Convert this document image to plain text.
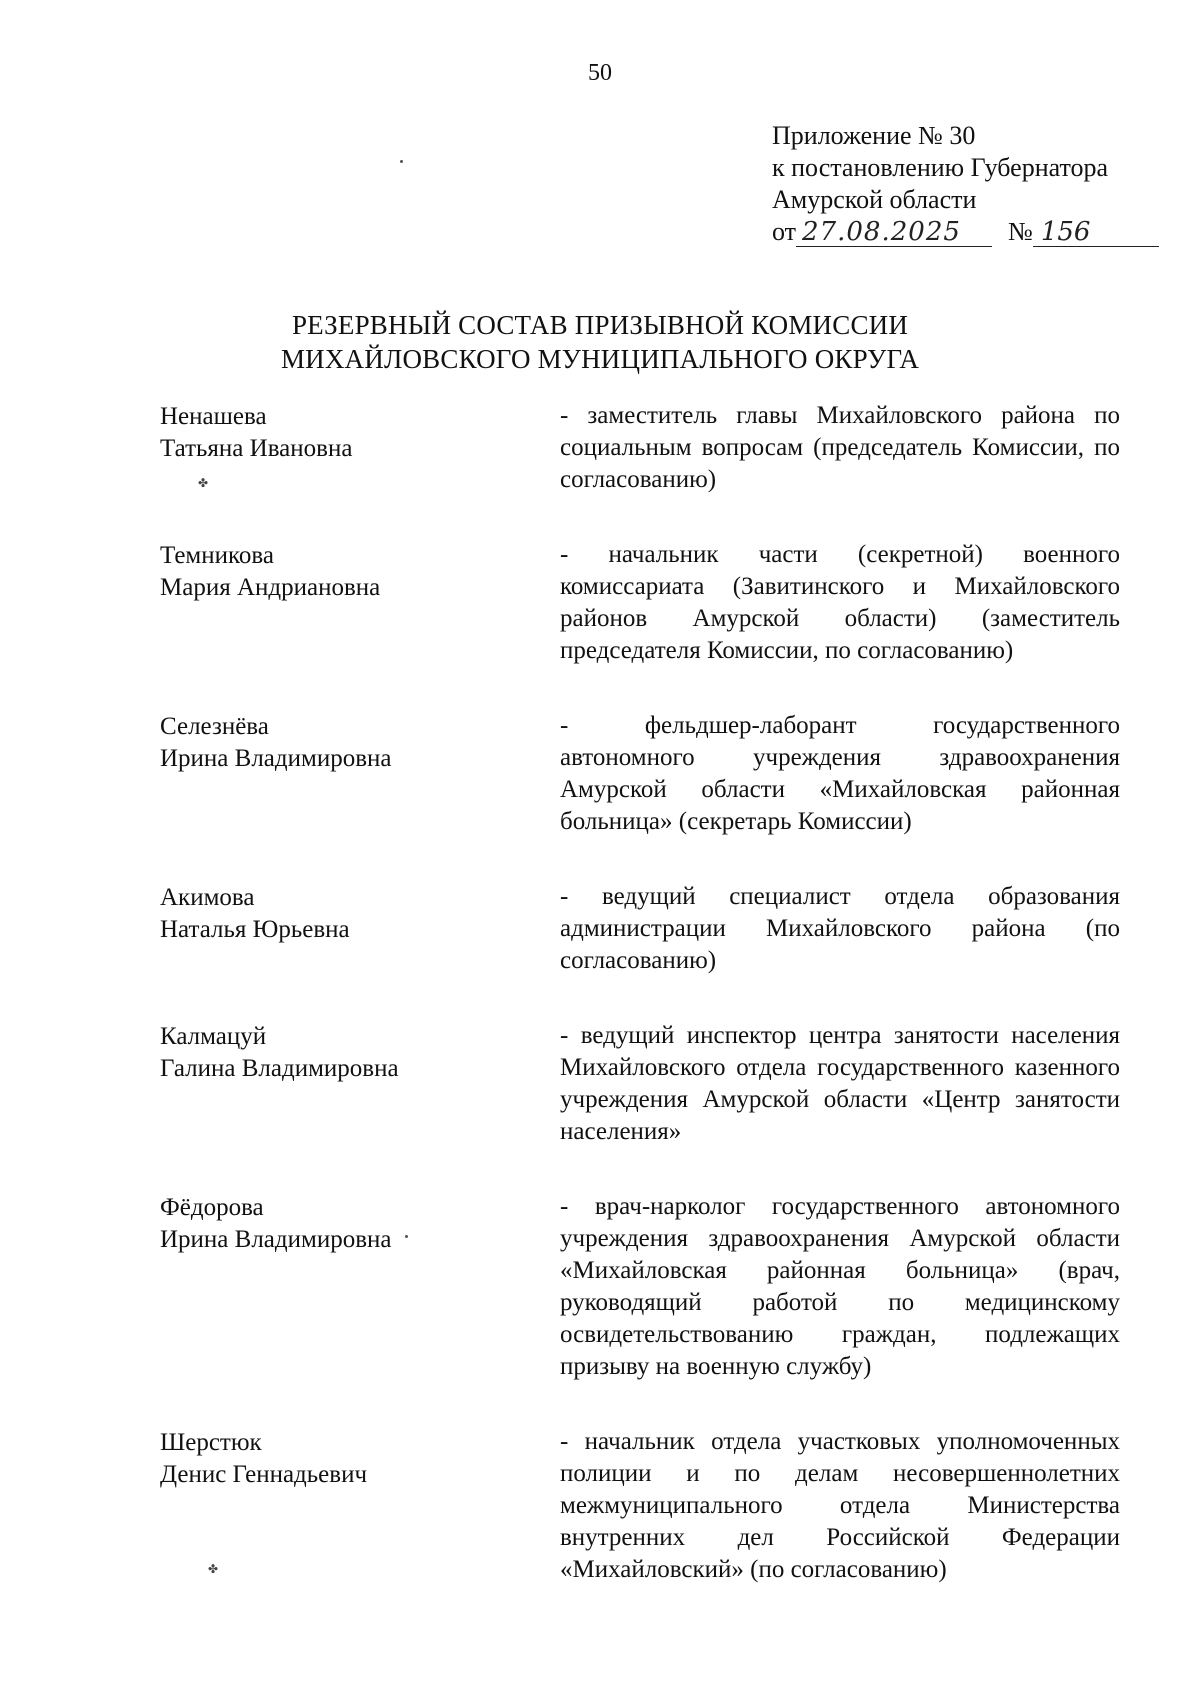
50
Приложение № 30
к постановлению Губернатора
Амурской области
от 27.08.2025	№ 156
РЕЗЕРВНЫЙ СОСТАВ ПРИЗЫВНОЙ КОМИССИИ
МИХАЙЛОВСКОГО МУНИЦИПАЛЬНОГО ОКРУГА
Ненашева
Татьяна Ивановна
- заместитель главы Михайловского района по социальным вопросам (председатель Комиссии, по согласованию)
Темникова
Мария Андриановна
- начальник части (секретной) военного комиссариата (Завитинского и Михайловского районов Амурской области) (заместитель председателя Комиссии, по согласованию)
Селезнёва
Ирина Владимировна
- фельдшер-лаборант государственного автономного учреждения здравоохранения Амурской области «Михайловская районная больница» (секретарь Комиссии)
Акимова
Наталья Юрьевна
- ведущий специалист отдела образования администрации Михайловского района (по согласованию)
Калмацуй
Галина Владимировна
- ведущий инспектор центра занятости населения Михайловского отдела государственного казенного учреждения Амурской области «Центр занятости населения»
Фёдорова
Ирина Владимировна
- врач-нарколог государственного автономного учреждения здравоохранения Амурской области «Михайловская районная больница» (врач, руководящий работой по медицинскому освидетельствованию граждан, подлежащих призыву на военную службу)
Шерстюк
Денис Геннадьевич
- начальник отдела участковых уполномоченных полиции и по делам несовершеннолетних межмуниципального отдела Министерства внутренних дел Российской Федерации «Михайловский» (по согласованию)
✤
✤
